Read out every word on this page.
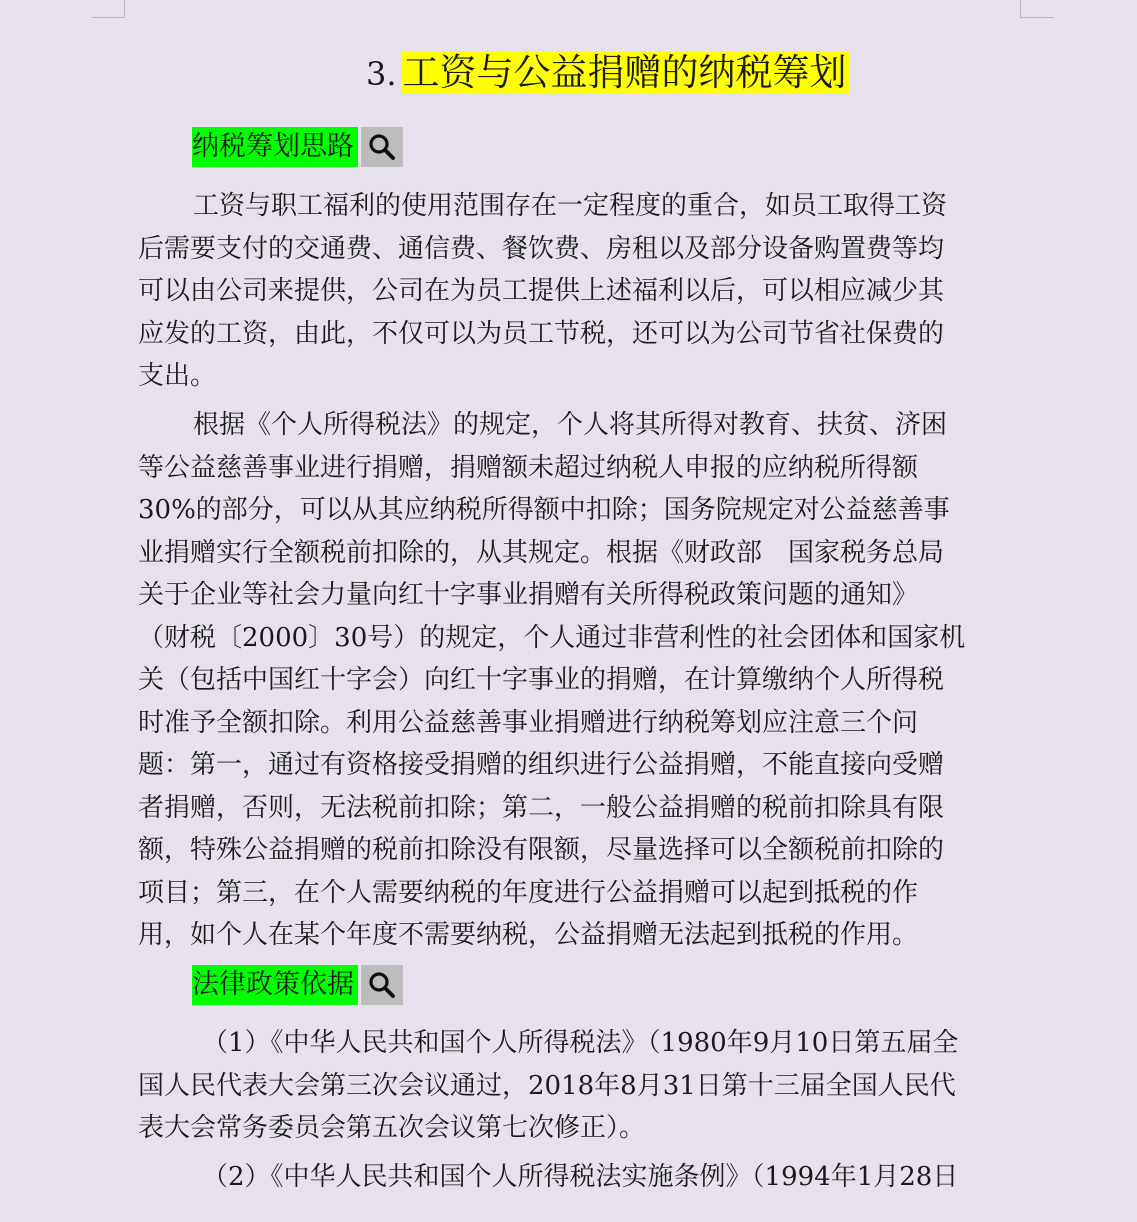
3. 工资与公益捐赠的纳税筹划
纳税筹划思路
工资与职工福利的使用范围存在一定程度的重合，如员工取得工资
后需要支付的交通费、通信费、餐饮费、房租以及部分设备购置费等均
可以由公司来提供，公司在为员工提供上述福利以后，可以相应减少其
应发的工资，由此，不仅可以为员工节税，还可以为公司节省社保费的
支出。
根据《个人所得税法》的规定，个人将其所得对教育、扶贫、济困
等公益慈善事业进行捐赠，捐赠额未超过纳税人申报的应纳税所得额
30%的部分，可以从其应纳税所得额中扣除；国务院规定对公益慈善事
业捐赠实行全额税前扣除的，从其规定。根据《财政部　国家税务总局
关于企业等社会力量向红十字事业捐赠有关所得税政策问题的通知》
（财税〔2000〕30号）的规定，个人通过非营利性的社会团体和国家机
关（包括中国红十字会）向红十字事业的捐赠，在计算缴纳个人所得税
时准予全额扣除。利用公益慈善事业捐赠进行纳税筹划应注意三个问
题：第一，通过有资格接受捐赠的组织进行公益捐赠，不能直接向受赠
者捐赠，否则，无法税前扣除；第二，一般公益捐赠的税前扣除具有限
额，特殊公益捐赠的税前扣除没有限额，尽量选择可以全额税前扣除的
项目；第三，在个人需要纳税的年度进行公益捐赠可以起到抵税的作
用，如个人在某个年度不需要纳税，公益捐赠无法起到抵税的作用。
法律政策依据
（1）《中华人民共和国个人所得税法》（1980年9月10日第五届全
国人民代表大会第三次会议通过，2018年8月31日第十三届全国人民代
表大会常务委员会第五次会议第七次修正）。
（2）《中华人民共和国个人所得税法实施条例》（1994年1月28日
